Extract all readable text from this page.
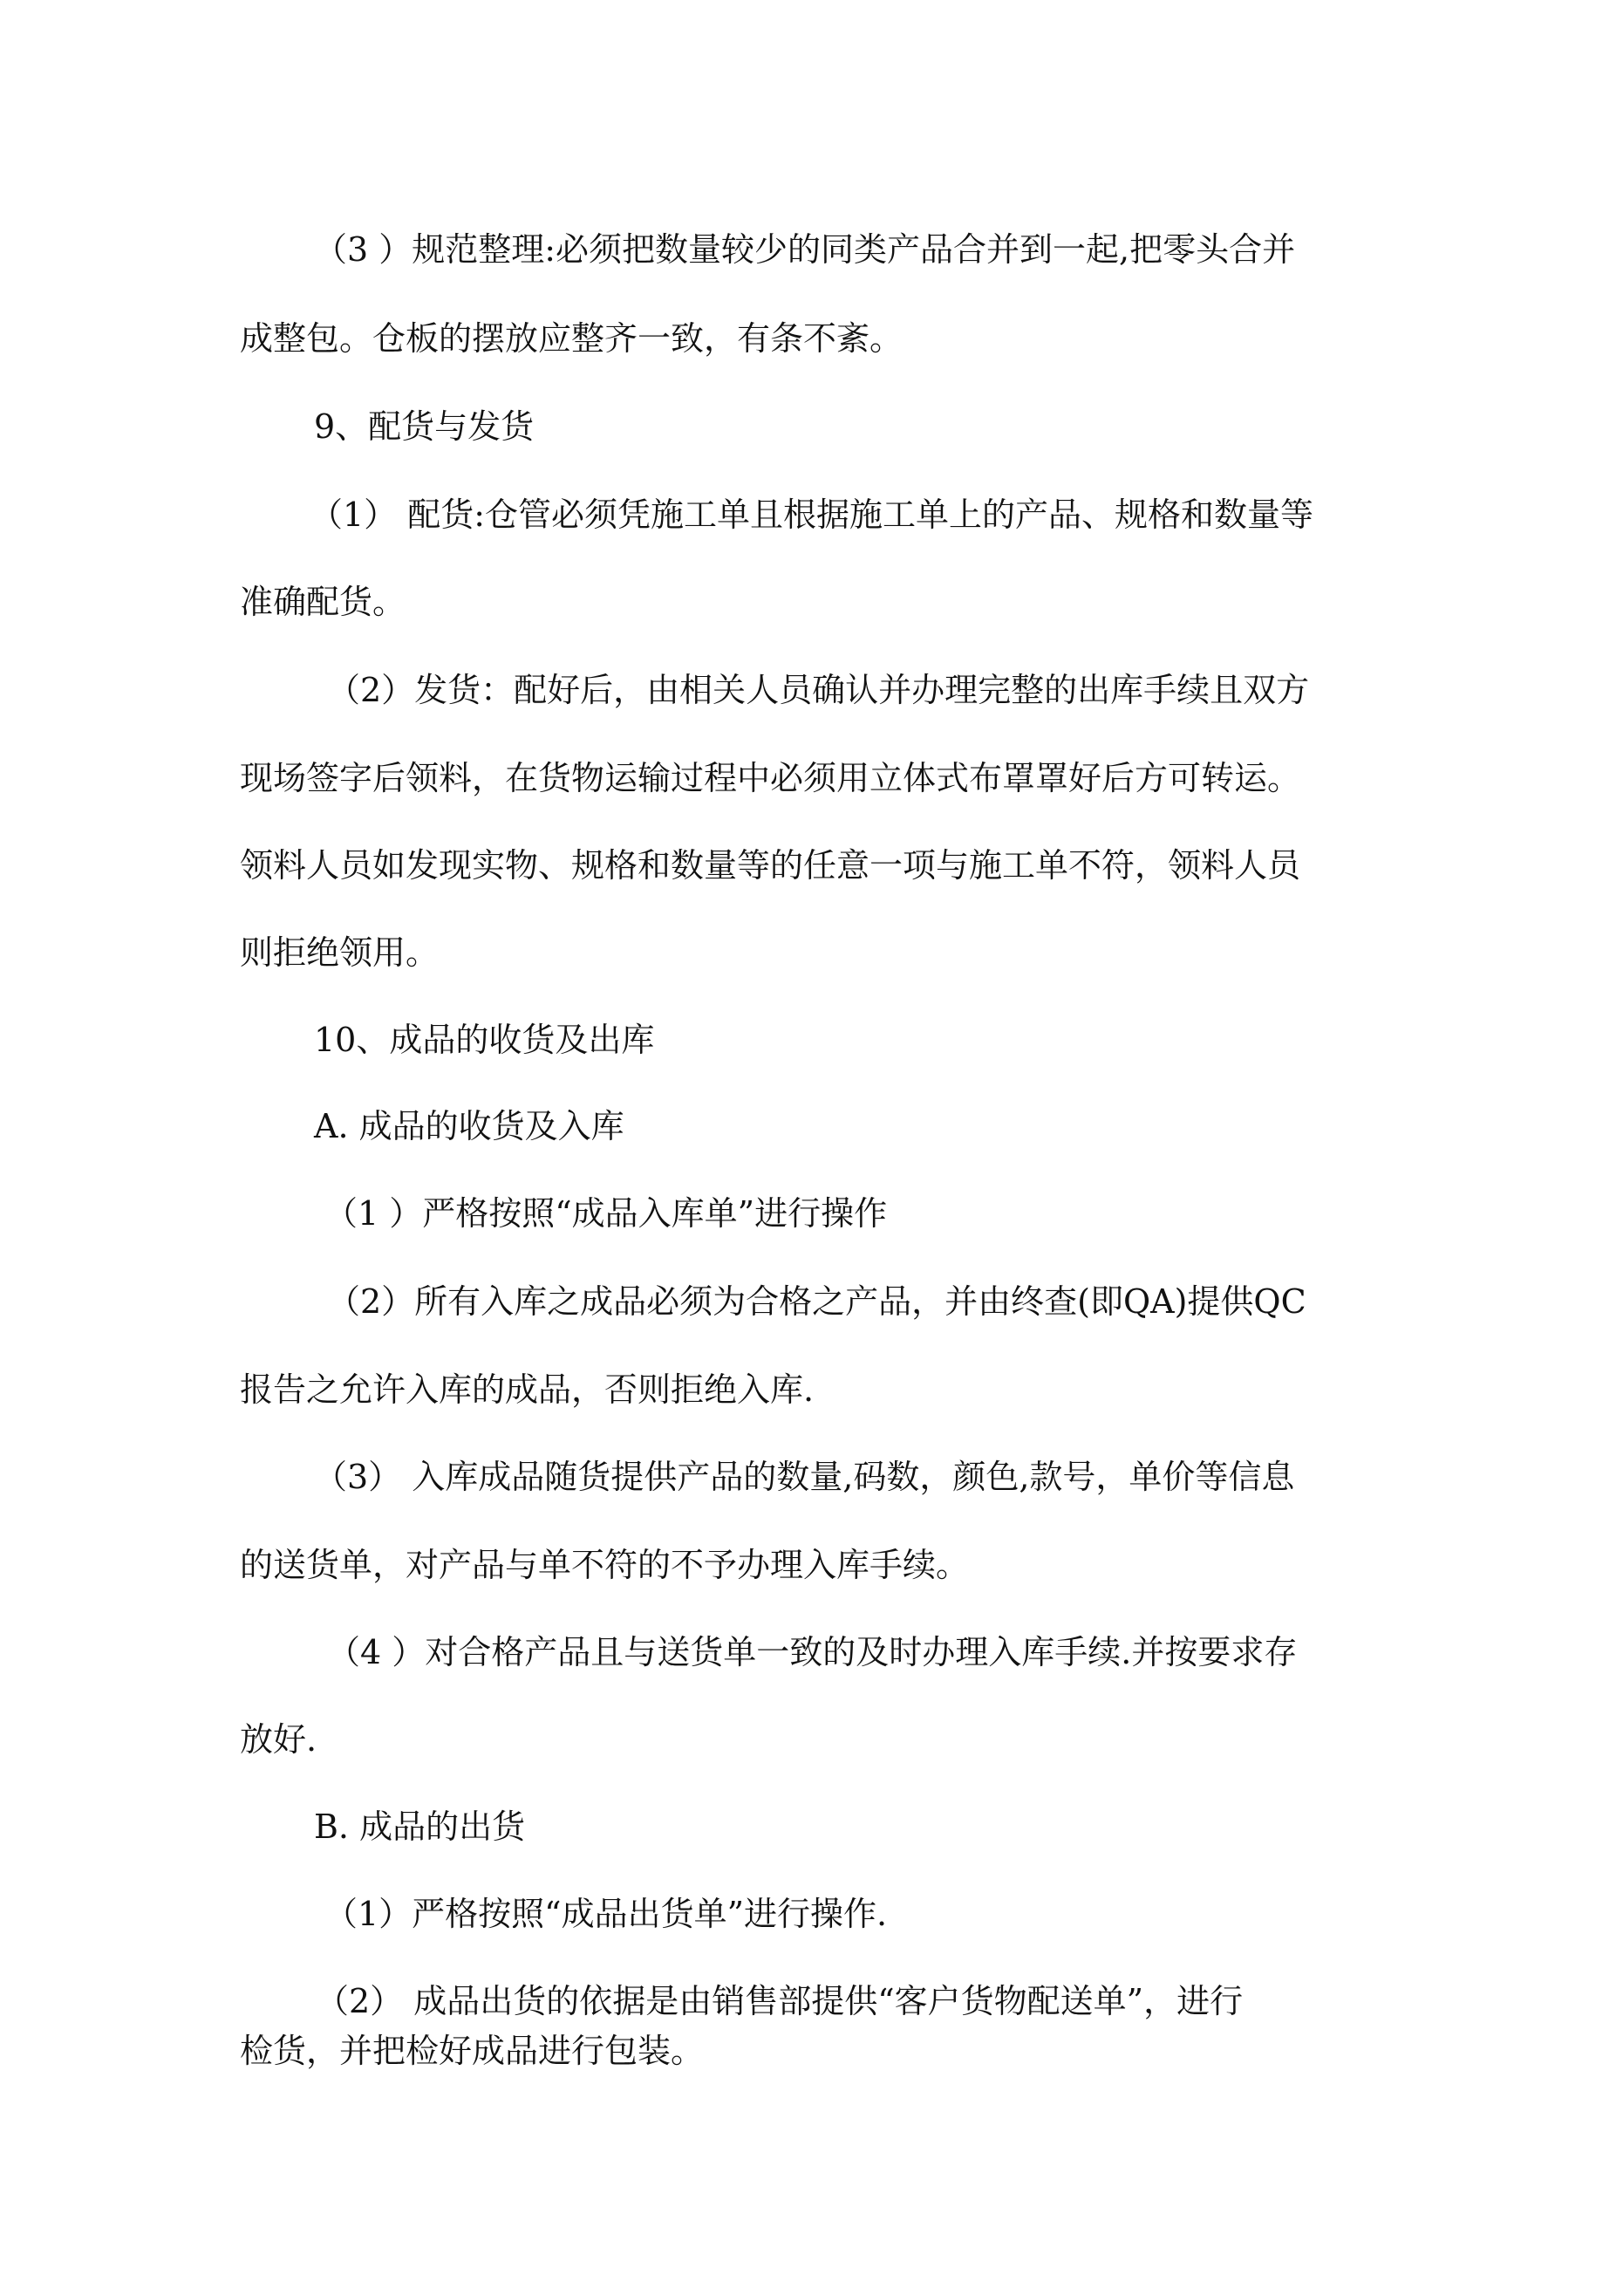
（3 ）规范整理:必须把数量较少的同类产品合并到一起,把零头合并
成整包。仓板的摆放应整齐一致，有条不紊。
9、配货与发货
（1） 配货:仓管必须凭施工单且根据施工单上的产品、规格和数量等
准确配货。
（2）发货：配好后，由相关人员确认并办理完整的出库手续且双方
现场签字后领料，在货物运输过程中必须用立体式布罩罩好后方可转运。
领料人员如发现实物、规格和数量等的任意一项与施工单不符，领料人员
则拒绝领用。
10、成品的收货及出库
A. 成品的收货及入库
（1 ）严格按照“成品入库单”进行操作
（2）所有入库之成品必须为合格之产品，并由终查(即QA)提供QC
报告之允许入库的成品，否则拒绝入库.
（3） 入库成品随货提供产品的数量,码数，颜色,款号，单价等信息
的送货单，对产品与单不符的不予办理入库手续。
（4 ）对合格产品且与送货单一致的及时办理入库手续.并按要求存
放好.
B. 成品的出货
（1）严格按照“成品出货单”进行操作.
（2） 成品出货的依据是由销售部提供“客户货物配送单”，进行
检货，并把检好成品进行包装。
